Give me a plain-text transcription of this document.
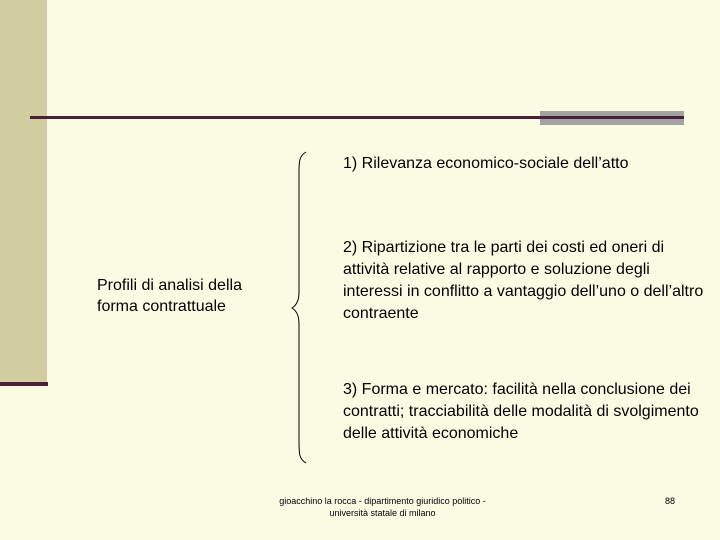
Profili di analisi della forma contrattuale
1) Rilevanza economico-sociale dell’atto
2) Ripartizione tra le parti dei costi ed oneri di attività relative al rapporto e soluzione degli interessi in conflitto a vantaggio dell’uno o dell’altro contraente
3) Forma e mercato: facilità nella conclusione dei contratti; tracciabilità delle modalità di svolgimento delle attività economiche
gioacchino la rocca - dipartimento giuridico politico - università statale di milano
88
